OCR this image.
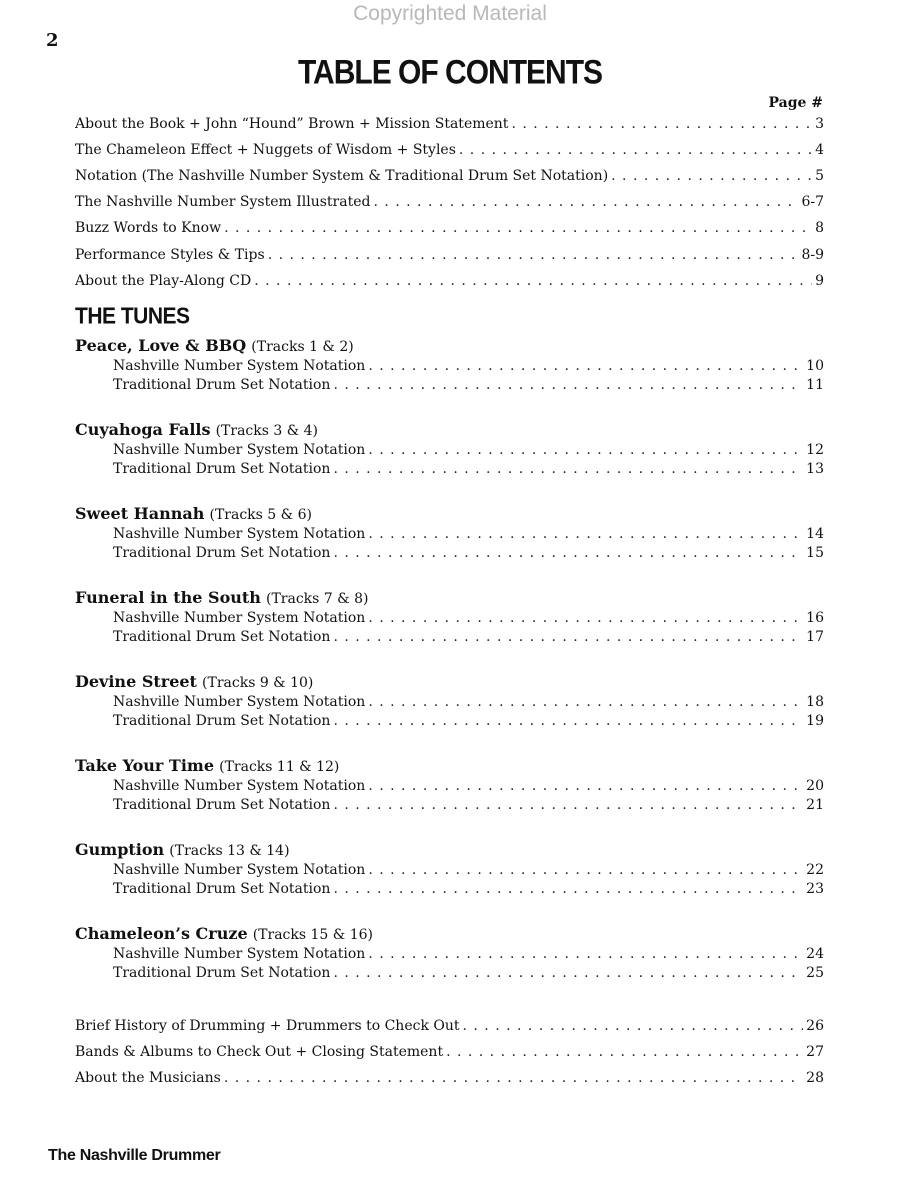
Copyrighted Material
2
TABLE OF CONTENTS
Page #
About the Book + John “Hound” Brown + Mission Statement . . .	3
The Chameleon Effect + Nuggets of Wisdom + Styles . . .	4
Notation (The Nashville Number System & Traditional Drum Set Notation) . . .	5
The Nashville Number System Illustrated . . .	6-7
Buzz Words to Know . . .	8
Performance Styles & Tips . . .	8-9
About the Play-Along CD . . .	9
THE TUNES
Peace, Love & BBQ (Tracks 1 & 2)
Nashville Number System Notation . . .	10
Traditional Drum Set Notation . . .	11
Cuyahoga Falls (Tracks 3 & 4)
Nashville Number System Notation . . .	12
Traditional Drum Set Notation . . .	13
Sweet Hannah (Tracks 5 & 6)
Nashville Number System Notation . . .	14
Traditional Drum Set Notation . . .	15
Funeral in the South (Tracks 7 & 8)
Nashville Number System Notation . . .	16
Traditional Drum Set Notation . . .	17
Devine Street (Tracks 9 & 10)
Nashville Number System Notation . . .	18
Traditional Drum Set Notation . . .	19
Take Your Time (Tracks 11 & 12)
Nashville Number System Notation . . .	20
Traditional Drum Set Notation . . .	21
Gumption (Tracks 13 & 14)
Nashville Number System Notation . . .	22
Traditional Drum Set Notation . . .	23
Chameleon’s Cruze (Tracks 15 & 16)
Nashville Number System Notation . . .	24
Traditional Drum Set Notation . . .	25
Brief History of Drumming + Drummers to Check Out . . .	26
Bands & Albums to Check Out + Closing Statement . . .	27
About the Musicians . . .	28
The Nashville Drummer
